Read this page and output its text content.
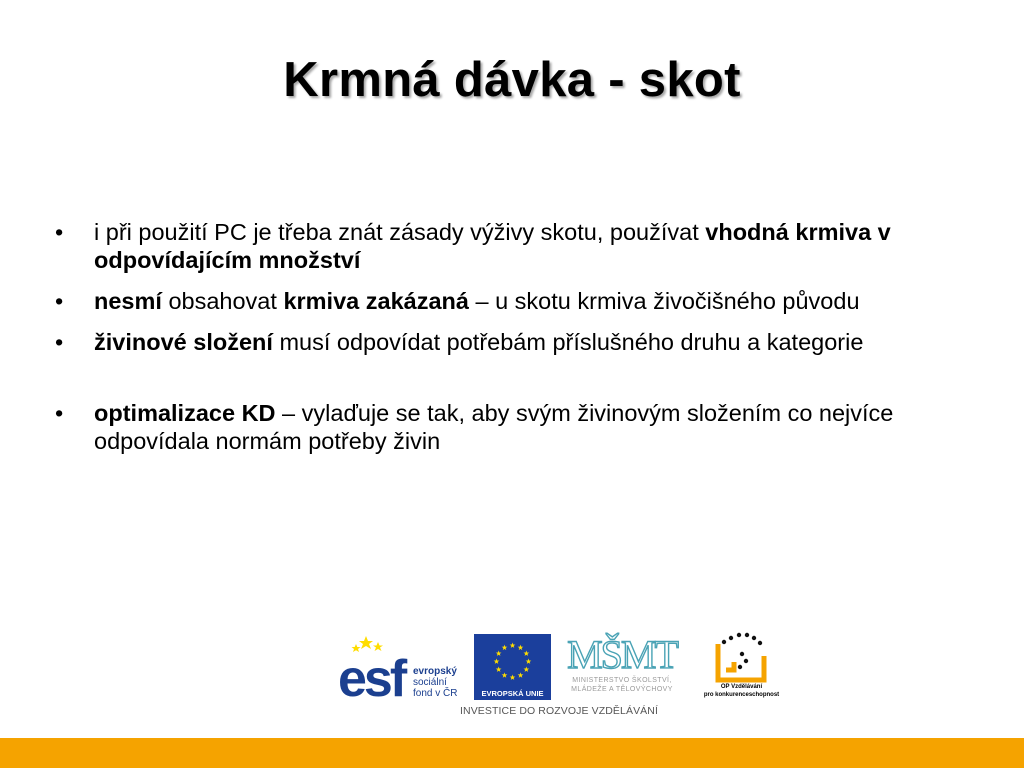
Krmná dávka - skot
• i při použití PC je třeba znát zásady výživy skotu, používat vhodná krmiva v odpovídajícím množství
• nesmí obsahovat krmiva zakázaná – u skotu krmiva živočišného původu
• živinové složení musí odpovídat potřebám příslušného druhu a kategorie
• optimalizace KD – vylaďuje se tak, aby svým živinovým složením co nejvíce odpovídala normám potřeby živin
esf evropský
sociální
fond v ČR	EVROPSKÁ UNIE
MŠMT
MINISTERSTVO ŠKOLSTVÍ,
MLÁDEŽE A TĚLOVÝCHOVY	OP Vzdělávání
pro konkurenceschopnost
INVESTICE DO ROZVOJE VZDĚLÁVÁNÍ
